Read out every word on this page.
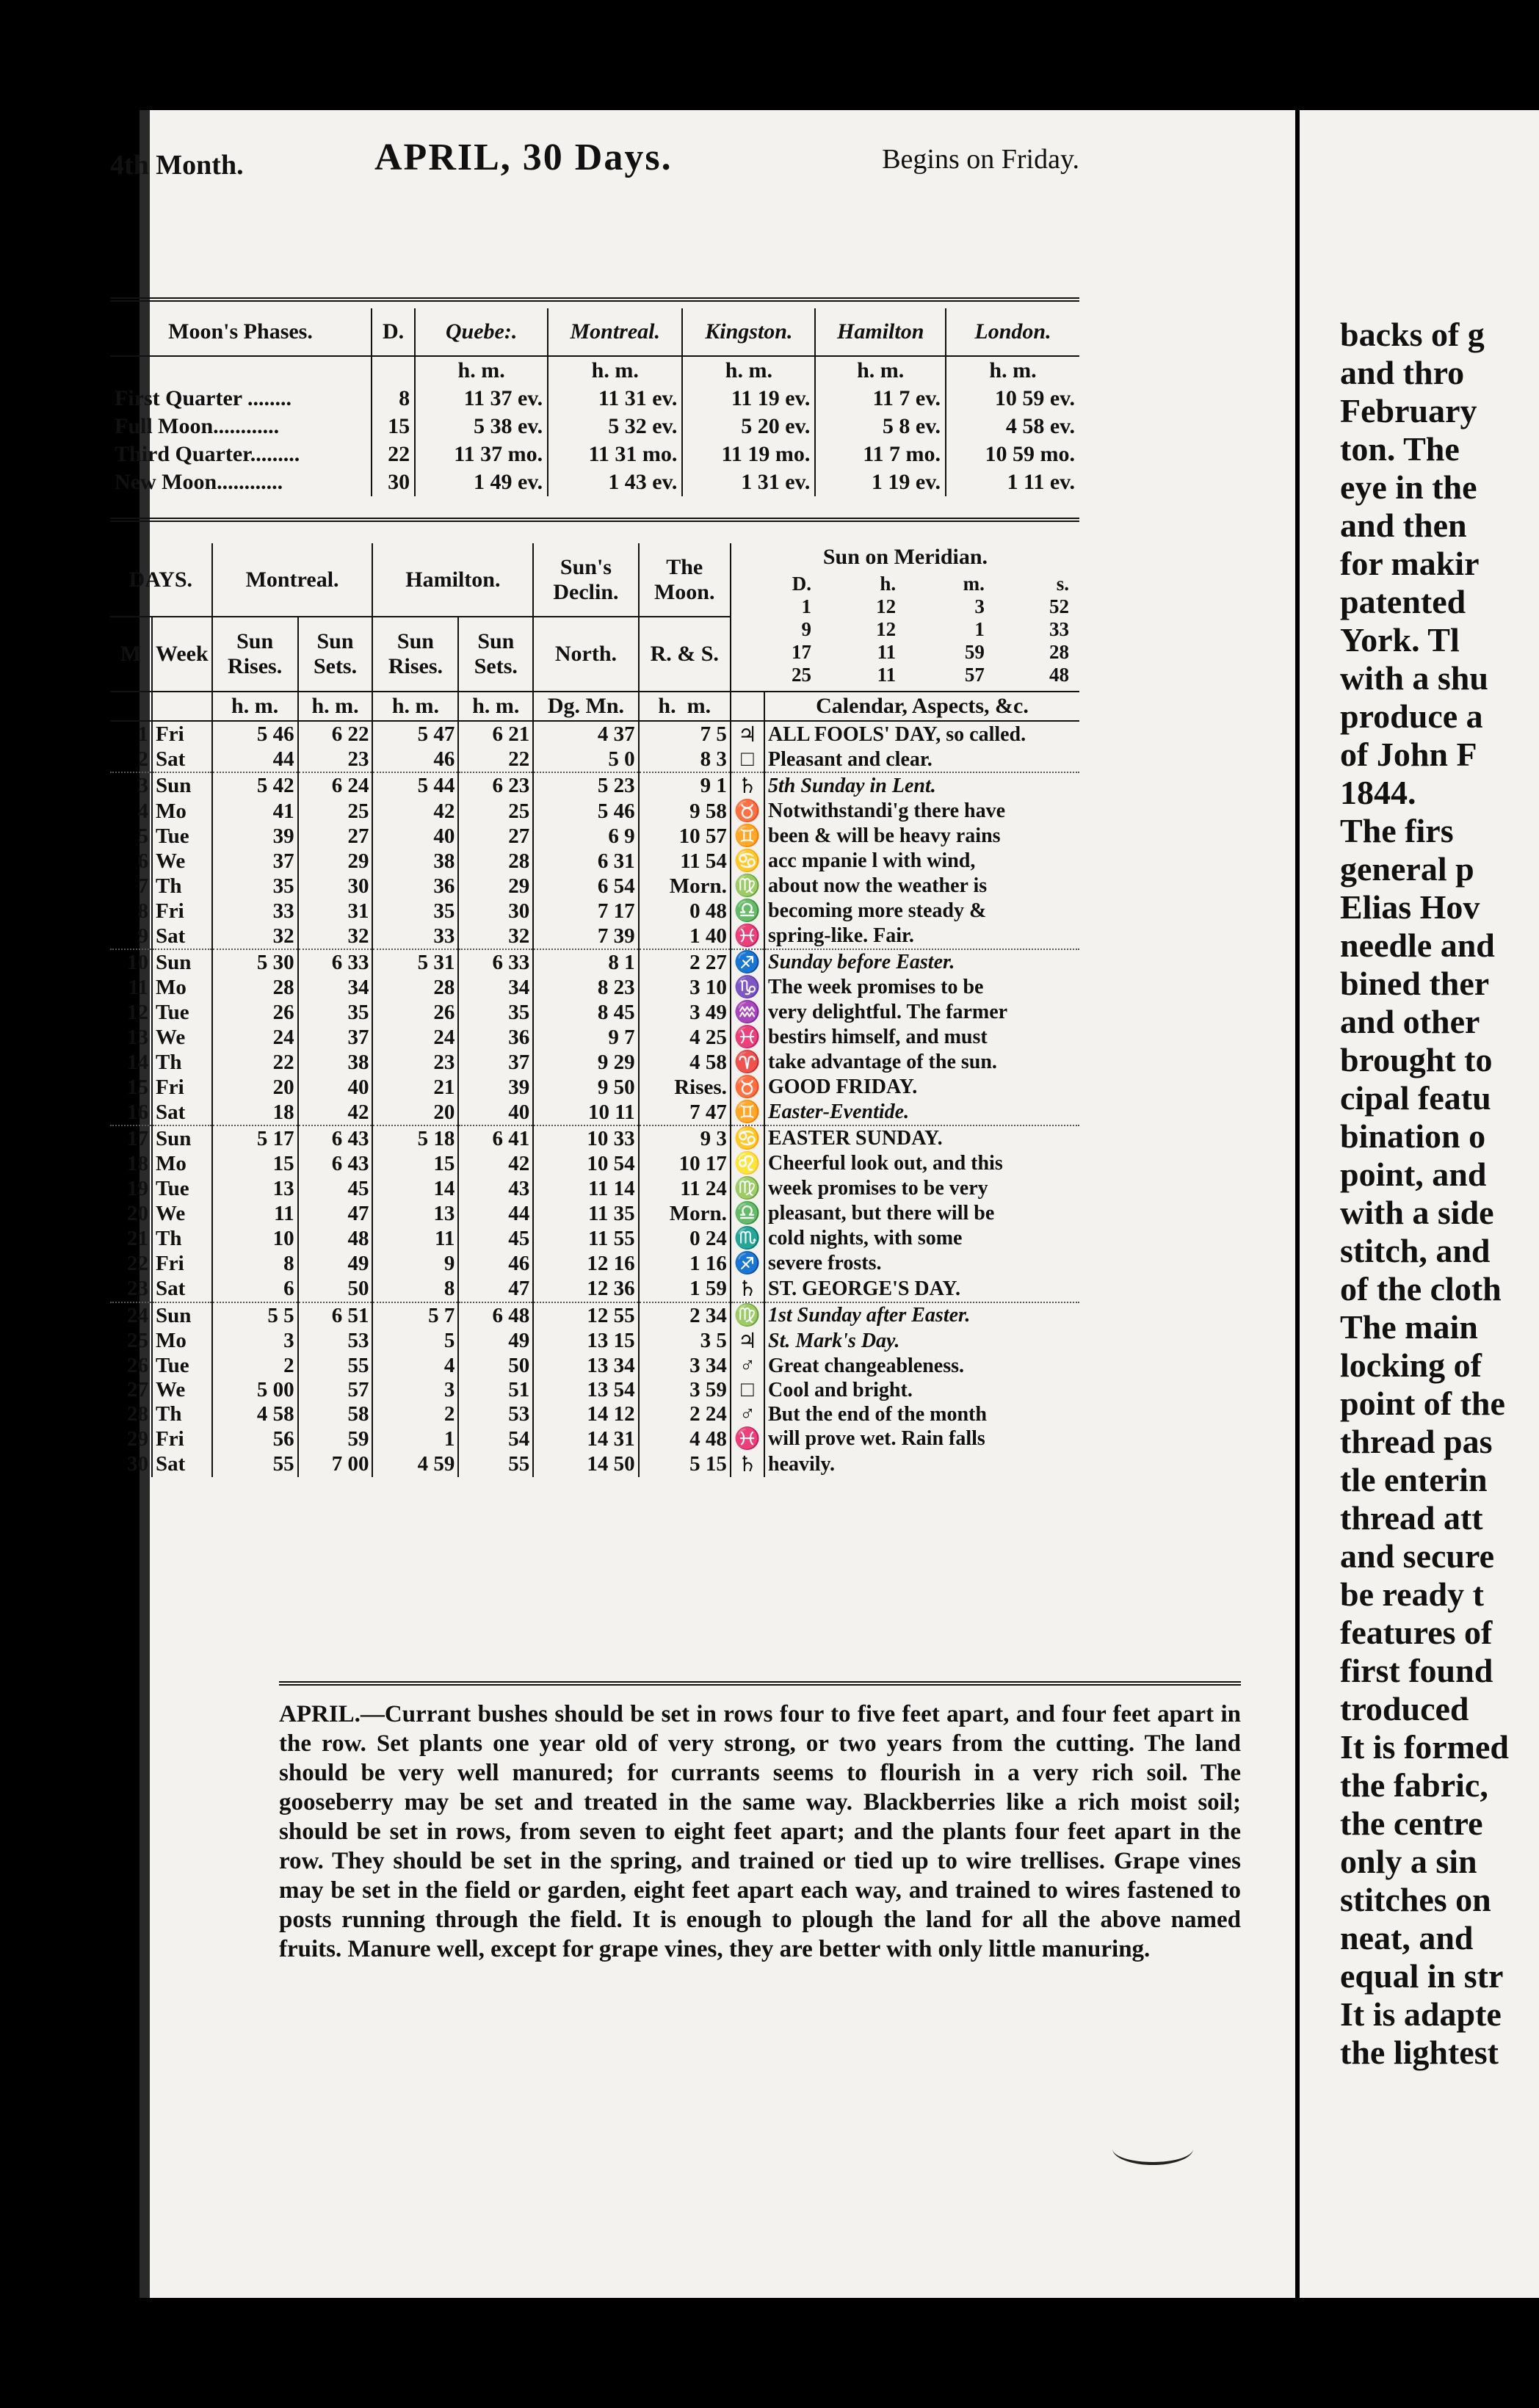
4th Month.	APRIL, 30 Days.	Begins on Friday.
Moon's Phases.	D.	Quebe:.	Montreal.	Kingston.	Hamilton	London.
		h. m.	h. m.	h. m.	h. m.	h. m.
First Quarter ........	8	11 37 ev.	11 31 ev.	11 19 ev.	11 7 ev.	10 59 ev.
Full Moon............	15	5 38 ev.	5 32 ev.	5 20 ev.	5 8 ev.	4 58 ev.
Third Quarter.........	22	11 37 mo.	11 31 mo.	11 19 mo.	11 7 mo.	10 59 mo.
New Moon............	30	1 49 ev.	1 43 ev.	1 31 ev.	1 19 ev.	1 11 ev.
DAYS.	Montreal.	Hamilton.	Sun's Declin.	The Moon.	
Sun on Meridian.
D.	h.	m.	s.
1	12	3	52
9	12	1	33
17	11	59	28
25	11	57	48

M	Week	Sun Rises.	Sun Sets.	Sun Rises.	Sun Sets.	North.	R. & S.
		h. m.	h. m.	h. m.	h. m.	Dg. Mn.	h. m.		Calendar, Aspects, &c.
1	Fri	5 46	6 22	5 47	6 21	4 37	7 5	♃	ALL FOOLS' DAY, so called.
2	Sat	44	23	46	22	5 0	8 3	□	Pleasant and clear.
3	Sun	5 42	6 24	5 44	6 23	5 23	9 1	♄	5th Sunday in Lent.
4	Mo	41	25	42	25	5 46	9 58	♉	Notwithstandi'g there have
5	Tue	39	27	40	27	6 9	10 57	♊	been & will be heavy rains
6	We	37	29	38	28	6 31	11 54	♋	acc mpanie l with wind,
7	Th	35	30	36	29	6 54	Morn.	♍	about now the weather is
8	Fri	33	31	35	30	7 17	0 48	♎	becoming more steady &
9	Sat	32	32	33	32	7 39	1 40	♓	spring-like. Fair.
10	Sun	5 30	6 33	5 31	6 33	8 1	2 27	♐	Sunday before Easter.
11	Mo	28	34	28	34	8 23	3 10	♑	The week promises to be
12	Tue	26	35	26	35	8 45	3 49	♒	very delightful. The farmer
13	We	24	37	24	36	9 7	4 25	♓	bestirs himself, and must
14	Th	22	38	23	37	9 29	4 58	♈	take advantage of the sun.
15	Fri	20	40	21	39	9 50	Rises.	♉	GOOD FRIDAY.
16	Sat	18	42	20	40	10 11	7 47	♊	Easter-Eventide.
17	Sun	5 17	6 43	5 18	6 41	10 33	9 3	♋	EASTER SUNDAY.
18	Mo	15	6 43	15	42	10 54	10 17	♌	Cheerful look out, and this
19	Tue	13	45	14	43	11 14	11 24	♍	week promises to be very
20	We	11	47	13	44	11 35	Morn.	♎	pleasant, but there will be
21	Th	10	48	11	45	11 55	0 24	♏	cold nights, with some
22	Fri	8	49	9	46	12 16	1 16	♐	severe frosts.
23	Sat	6	50	8	47	12 36	1 59	♄	ST. GEORGE'S DAY.
24	Sun	5 5	6 51	5 7	6 48	12 55	2 34	♍	1st Sunday after Easter.
25	Mo	3	53	5	49	13 15	3 5	♃	St. Mark's Day.
26	Tue	2	55	4	50	13 34	3 34	♂	Great changeableness.
27	We	5 00	57	3	51	13 54	3 59	□	Cool and bright.
28	Th	4 58	58	2	53	14 12	2 24	♂	But the end of the month
29	Fri	56	59	1	54	14 31	4 48	♓	will prove wet. Rain falls
30	Sat	55	7 00	4 59	55	14 50	5 15	♄	heavily.
APRIL.—Currant bushes should be set in rows four to five feet apart, and four feet apart in the row. Set plants one year old of very strong, or two years from the cutting. The land should be very well manured; for currants seems to flourish in a very rich soil. The gooseberry may be set and treated in the same way. Blackberries like a rich moist soil; should be set in rows, from seven to eight feet apart; and the plants four feet apart in the row. They should be set in the spring, and trained or tied up to wire trellises. Grape vines may be set in the field or garden, eight feet apart each way, and trained to wires fastened to posts running through the field. It is enough to plough the land for all the above named fruits. Manure well, except for grape vines, they are better with only little manuring.
backs of g
and thro
February
ton. The
eye in the
and then
for makir
patented
York. Tl
with a shu
produce a
of John F
1844.
The firs
general p
Elias Hov
needle and
bined ther
and other
brought to
cipal featu
bination o
point, and
with a side
stitch, and
of the cloth
The main
locking of
point of the
thread pas
tle enterin
thread att
and secure
be ready t
features of
first found
troduced
It is formed
the fabric,
the centre
only a sin
stitches on
neat, and
equal in str
It is adapte
the lightest
